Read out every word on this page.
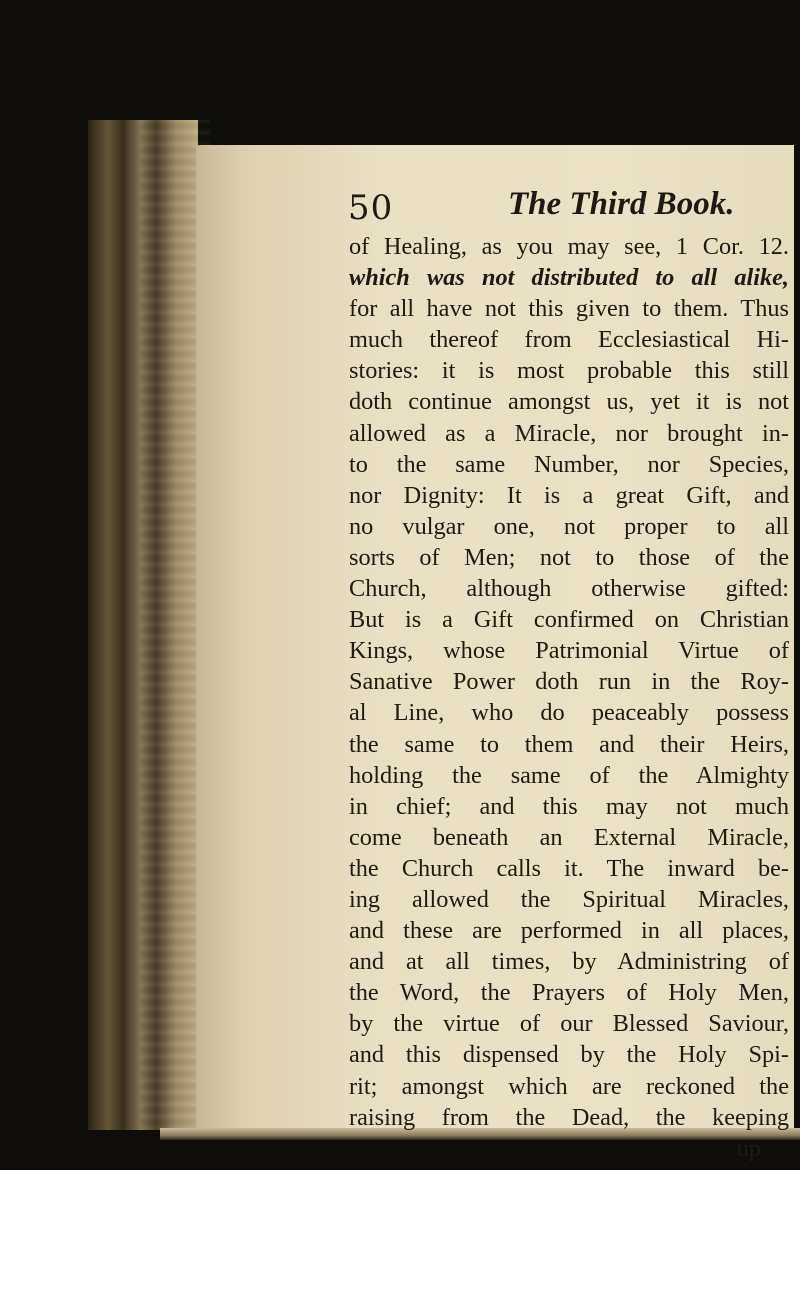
50	The Third Book.
of Healing, as you may see, 1 Cor. 12.
which was not distributed to all alike,
for all have not this given to them. Thus
much thereof from Ecclesiastical Hi-
stories: it is most probable this still
doth continue amongst us, yet it is not
allowed as a Miracle, nor brought in-
to the same Number, nor Species,
nor Dignity: It is a great Gift, and
no vulgar one, not proper to all
sorts of Men; not to those of the
Church, although otherwise gifted:
But is a Gift confirmed on Christian
Kings, whose Patrimonial Virtue of
Sanative Power doth run in the Roy-
al Line, who do peaceably possess
the same to them and their Heirs,
holding the same of the Almighty
in chief; and this may not much
come beneath an External Miracle,
the Church calls it. The inward be-
ing allowed the Spiritual Miracles,
and these are performed in all places,
and at all times, by Administring of
the Word, the Prayers of Holy Men,
by the virtue of our Blessed Saviour,
and this dispensed by the Holy Spi-
rit; amongst which are reckoned the
raising from the Dead, the keeping
up
